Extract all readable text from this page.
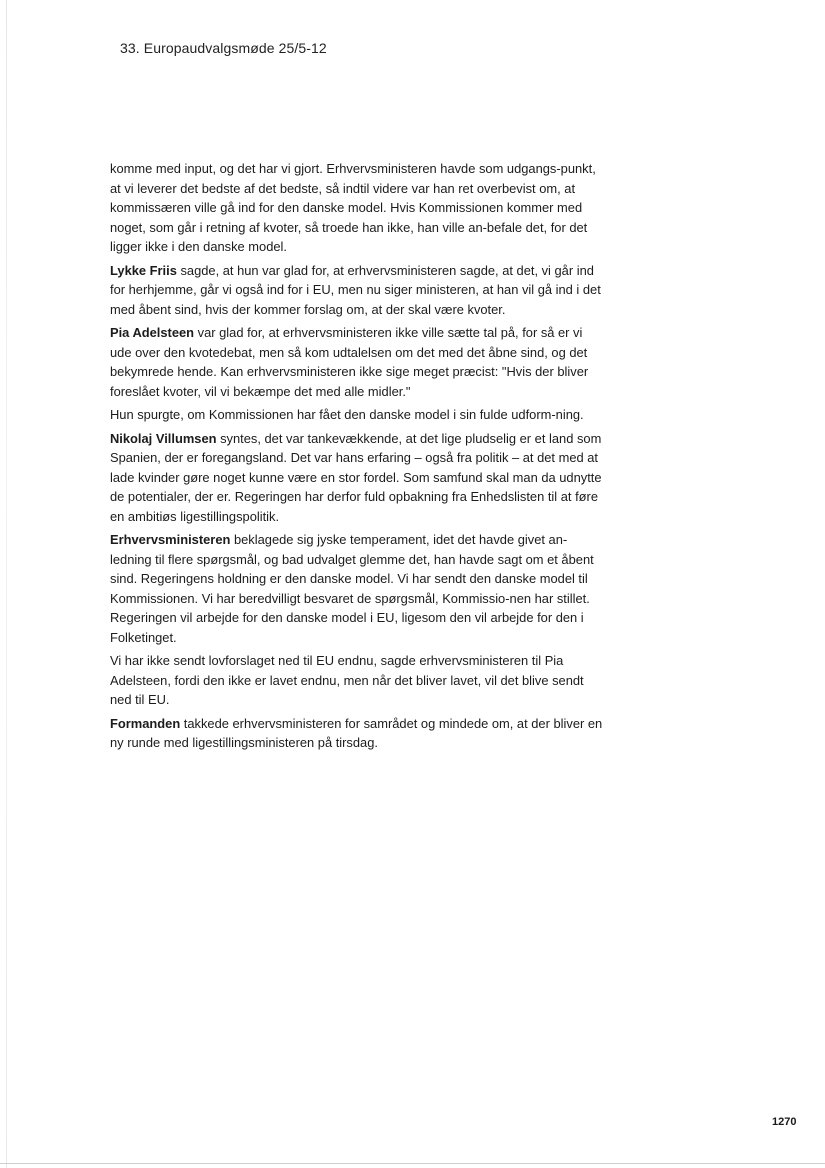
33. Europaudvalgsmøde 25/5-12

komme med input, og det har vi gjort. Erhvervsministeren havde som udgangs-punkt, at vi leverer det bedste af det bedste, så indtil videre var han ret overbevist om, at kommissæren ville gå ind for den danske model. Hvis Kommissionen kommer med noget, som går i retning af kvoter, så troede han ikke, han ville an-befale det, for det ligger ikke i den danske model.

Lykke Friis sagde, at hun var glad for, at erhvervsministeren sagde, at det, vi går ind for herhjemme, går vi også ind for i EU, men nu siger ministeren, at han vil gå ind i det med åbent sind, hvis der kommer forslag om, at der skal være kvoter.

Pia Adelsteen var glad for, at erhvervsministeren ikke ville sætte tal på, for så er vi ude over den kvotedebat, men så kom udtalelsen om det med det åbne sind, og det bekymrede hende. Kan erhvervsministeren ikke sige meget præcist: "Hvis der bliver foreslået kvoter, vil vi bekæmpe det med alle midler."

Hun spurgte, om Kommissionen har fået den danske model i sin fulde udform-ning.

Nikolaj Villumsen syntes, det var tankevækkende, at det lige pludselig er et land som Spanien, der er foregangsland. Det var hans erfaring – også fra politik – at det med at lade kvinder gøre noget kunne være en stor fordel. Som samfund skal man da udnytte de potentialer, der er. Regeringen har derfor fuld opbakning fra Enhedslisten til at føre en ambitiøs ligestillingspolitik.

Erhvervsministeren beklagede sig jyske temperament, idet det havde givet an-ledning til flere spørgsmål, og bad udvalget glemme det, han havde sagt om et åbent sind. Regeringens holdning er den danske model. Vi har sendt den danske model til Kommissionen. Vi har beredvilligt besvaret de spørgsmål, Kommissio-nen har stillet. Regeringen vil arbejde for den danske model i EU, ligesom den vil arbejde for den i Folketinget.

Vi har ikke sendt lovforslaget ned til EU endnu, sagde erhvervsministeren til Pia Adelsteen, fordi den ikke er lavet endnu, men når det bliver lavet, vil det blive sendt ned til EU.

Formanden takkede erhvervsministeren for samrådet og mindede om, at der bliver en ny runde med ligestillingsministeren på tirsdag.

1270
